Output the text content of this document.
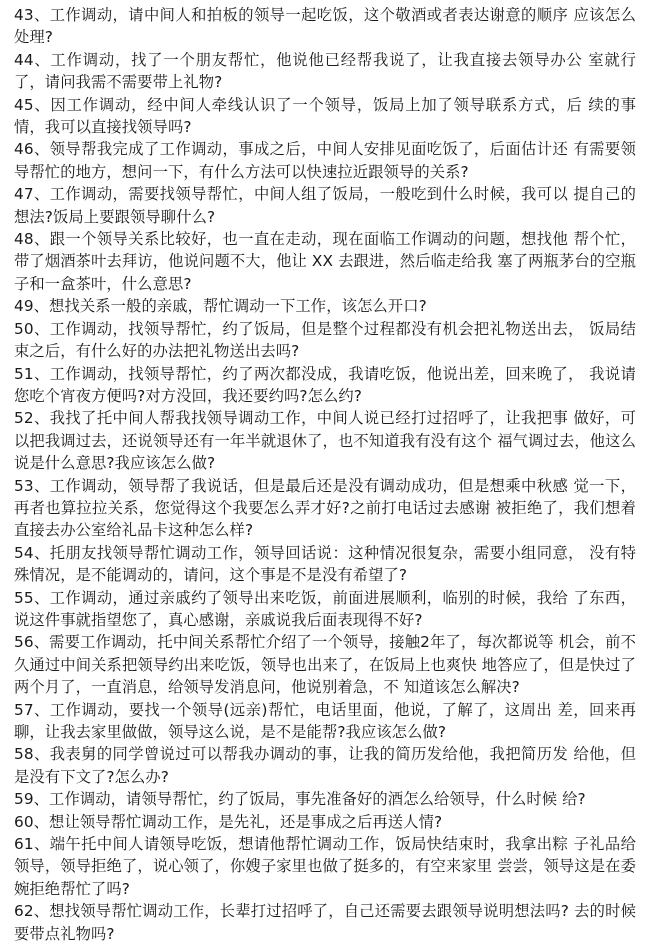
43、工作调动，请中间人和拍板的领导一起吃饭，这个敬酒或者表达谢意的顺序 应该怎么处理?
44、工作调动，找了一个朋友帮忙，他说他已经帮我说了，让我直接去领导办公 室就行了，请问我需不需要带上礼物?
45、因工作调动，经中间人牵线认识了一个领导，饭局上加了领导联系方式，后 续的事情，我可以直接找领导吗?
46、领导帮我完成了工作调动，事成之后，中间人安排见面吃饭了，后面估计还 有需要领导帮忙的地方，想问一下，有什么方法可以快速拉近跟领导的关系?
47、工作调动，需要找领导帮忙，中间人组了饭局，一般吃到什么时候，我可以 提自己的想法?饭局上要跟领导聊什么?
48、跟一个领导关系比较好，也一直在走动，现在面临工作调动的问题，想找他 帮个忙，带了烟酒茶叶去拜访，他说问题不大，他让 XX 去跟进，然后临走给我 塞了两瓶茅台的空瓶子和一盒茶叶，什么意思?
49、想找关系一般的亲戚，帮忙调动一下工作，该怎么开口?
50、工作调动，找领导帮忙，约了饭局，但是整个过程都没有机会把礼物送出去， 饭局结束之后，有什么好的办法把礼物送出去吗?
51、工作调动，找领导帮忙，约了两次都没成，我请吃饭，他说出差，回来晚了， 我说请您吃个宵夜方便吗?对方没回，我还要约吗?怎么约?
52、我找了托中间人帮我找领导调动工作，中间人说已经打过招呼了，让我把事 做好，可以把我调过去，还说领导还有一年半就退休了，也不知道我有没有这个 福气调过去，他这么说是什么意思?我应该怎么做?
53、工作调动，领导帮了我说话，但是最后还是没有调动成功，但是想乘中秋感 觉一下，再者也算拉拉关系，您觉得这个我要怎么弄才好?之前打电话过去感谢 被拒绝了，我们想着直接去办公室给礼品卡这种怎么样?
54、托朋友找领导帮忙调动工作，领导回话说：这种情况很复杂，需要小组同意， 没有特殊情况，是不能调动的，请问，这个事是不是没有希望了?
55、工作调动，通过亲戚约了领导出来吃饭，前面进展顺利，临别的时候，我给 了东西，说这件事就指望您了，真心感谢，亲戚说我后面表现得不好?
56、需要工作调动，托中间关系帮忙介绍了一个领导，接触2年了，每次都说等 机会，前不久通过中间关系把领导约出来吃饭，领导也出来了，在饭局上也爽快 地答应了，但是快过了两个月了，一直消息，给领导发消息问，他说别着急，不 知道该怎么解决?
57、工作调动，要找一个领导(远亲)帮忙，电话里面，他说，了解了，这周出 差，回来再聊，让我去家里做做，领导这么说，是不是能帮?我应该怎么做?
58、我表舅的同学曾说过可以帮我办调动的事，让我的简历发给他，我把简历发 给他，但是没有下文了?怎么办?
59、工作调动，请领导帮忙，约了饭局，事先准备好的酒怎么给领导，什么时候 给?
60、想让领导帮忙调动工作，是先礼，还是事成之后再送人情?
61、端午托中间人请领导吃饭，想请他帮忙调动工作，饭局快结束时，我拿出粽 子礼品给领导，领导拒绝了，说心领了，你嫂子家里也做了挺多的，有空来家里 尝尝，领导这是在委婉拒绝帮忙了吗?
62、想找领导帮忙调动工作，长辈打过招呼了，自己还需要去跟领导说明想法吗? 去的时候要带点礼物吗?
